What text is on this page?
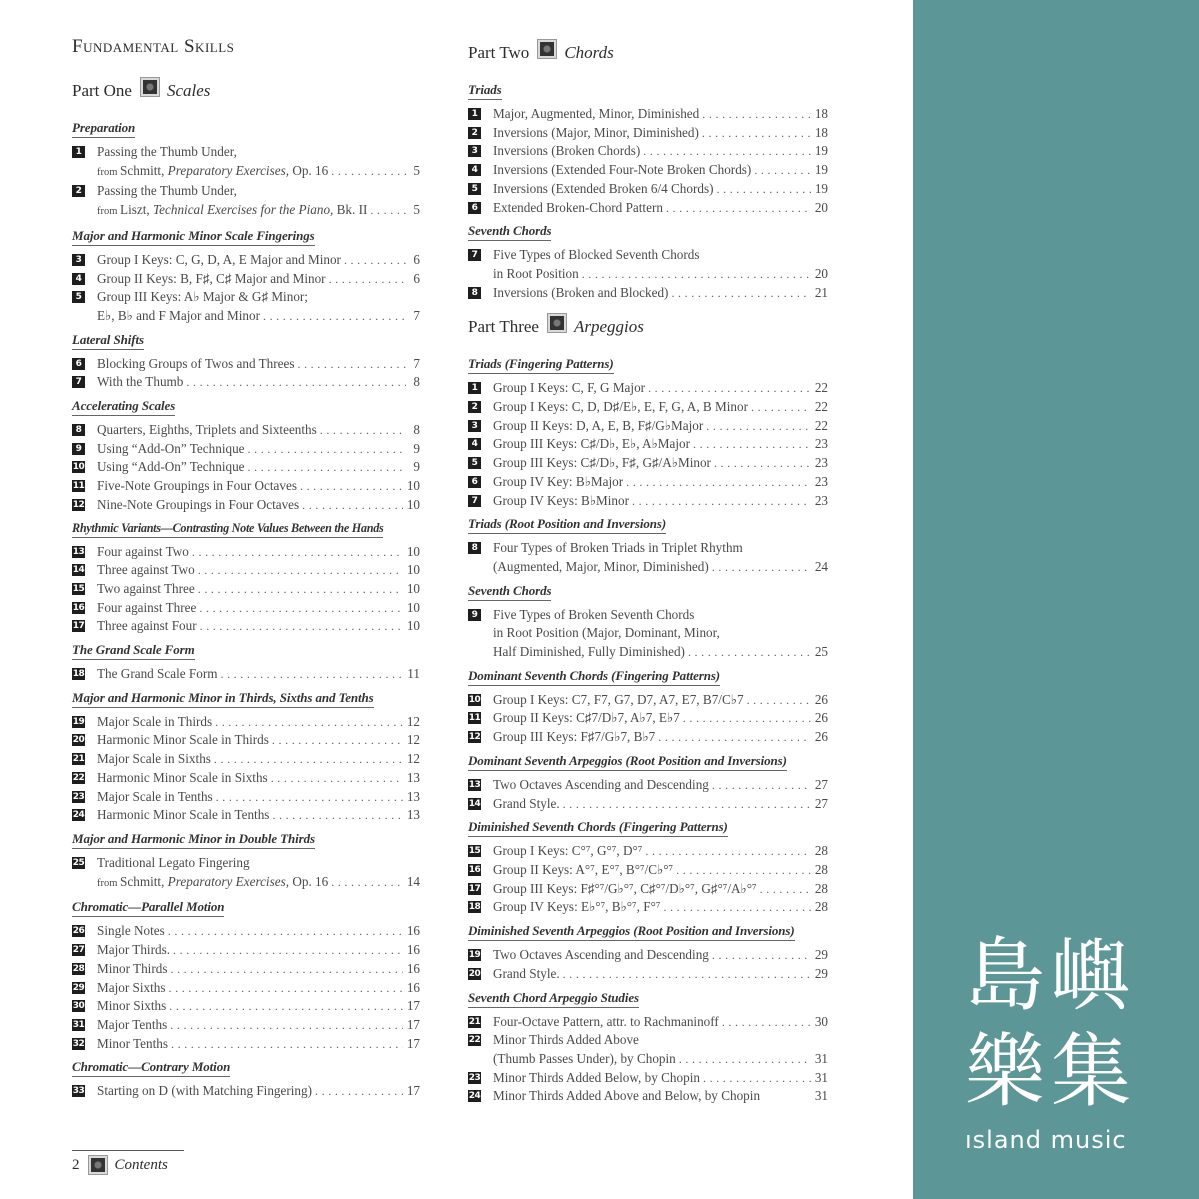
Fundamental Skills
Part One Scales
Preparation
1 Passing the Thumb Under,
from Schmitt, Preparatory Exercises, Op. 16 .....	5
2 Passing the Thumb Under,
from Liszt, Technical Exercises for the Piano, Bk. II .....	5
Major and Harmonic Minor Scale Fingerings
3 Group I Keys: C, G, D, A, E Major and Minor .....	6
4 Group II Keys: B, F♯, C♯ Major and Minor .....	6
5 Group III Keys: A♭ Major & G♯ Minor;
E♭, B♭ and F Major and Minor .....	7
Lateral Shifts
6 Blocking Groups of Twos and Threes .....	7
7 With the Thumb .....	8
Accelerating Scales
8 Quarters, Eighths, Triplets and Sixteenths .....	8
9 Using “Add-On” Technique .....	9
10 Using “Add-On” Technique .....	9
11 Five-Note Groupings in Four Octaves .....	10
12 Nine-Note Groupings in Four Octaves .....	10
Rhythmic Variants—Contrasting Note Values Between the Hands
13 Four against Two .....	10
14 Three against Two .....	10
15 Two against Three .....	10
16 Four against Three .....	10
17 Three against Four .....	10
The Grand Scale Form
18 The Grand Scale Form .....	11
Major and Harmonic Minor in Thirds, Sixths and Tenths
19 Major Scale in Thirds .....	12
20 Harmonic Minor Scale in Thirds .....	12
21 Major Scale in Sixths .....	12
22 Harmonic Minor Scale in Sixths .....	13
23 Major Scale in Tenths .....	13
24 Harmonic Minor Scale in Tenths .....	13
Major and Harmonic Minor in Double Thirds
25 Traditional Legato Fingering
from Schmitt, Preparatory Exercises, Op. 16 .....	14
Chromatic—Parallel Motion
26 Single Notes .....	16
27 Major Thirds. .....	16
28 Minor Thirds .....	16
29 Major Sixths .....	16
30 Minor Sixths .....	17
31 Major Tenths .....	17
32 Minor Tenths .....	17
Chromatic—Contrary Motion
33 Starting on D (with Matching Fingering) .....	17
Part Two Chords
Triads
1 Major, Augmented, Minor, Diminished .....	18
2 Inversions (Major, Minor, Diminished) .....	18
3 Inversions (Broken Chords) .....	19
4 Inversions (Extended Four-Note Broken Chords) .....	19
5 Inversions (Extended Broken 6/4 Chords) .....	19
6 Extended Broken-Chord Pattern .....	20
Seventh Chords
7 Five Types of Blocked Seventh Chords
in Root Position .....	20
8 Inversions (Broken and Blocked) .....	21
Part Three Arpeggios
Triads (Fingering Patterns)
1 Group I Keys: C, F, G Major .....	22
2 Group I Keys: C, D, D♯/E♭, E, F, G, A, B Minor .....	22
3 Group II Keys: D, A, E, B, F♯/G♭Major .....	22
4 Group III Keys: C♯/D♭, E♭, A♭Major .....	23
5 Group III Keys: C♯/D♭, F♯, G♯/A♭Minor .....	23
6 Group IV Key: B♭Major .....	23
7 Group IV Keys: B♭Minor .....	23
Triads (Root Position and Inversions)
8 Four Types of Broken Triads in Triplet Rhythm
(Augmented, Major, Minor, Diminished) .....	24
Seventh Chords
9 Five Types of Broken Seventh Chords
in Root Position (Major, Dominant, Minor,
Half Diminished, Fully Diminished) .....	25
Dominant Seventh Chords (Fingering Patterns)
10 Group I Keys: C7, F7, G7, D7, A7, E7, B7/C♭7 .....	26
11 Group II Keys: C♯7/D♭7, A♭7, E♭7 .....	26
12 Group III Keys: F♯7/G♭7, B♭7 .....	26
Dominant Seventh Arpeggios (Root Position and Inversions)
13 Two Octaves Ascending and Descending .....	27
14 Grand Style. .....	27
Diminished Seventh Chords (Fingering Patterns)
15 Group I Keys: C°⁷, G°⁷, D°⁷ .....	28
16 Group II Keys: A°⁷, E°⁷, B°⁷/C♭°⁷ .....	28
17 Group III Keys: F♯°⁷/G♭°⁷, C♯°⁷/D♭°⁷, G♯°⁷/A♭°⁷ .....	28
18 Group IV Keys: E♭°⁷, B♭°⁷, F°⁷ .....	28
Diminished Seventh Arpeggios (Root Position and Inversions)
19 Two Octaves Ascending and Descending .....	29
20 Grand Style. .....	29
Seventh Chord Arpeggio Studies
21 Four-Octave Pattern, attr. to Rachmaninoff .....	30
22 Minor Thirds Added Above
(Thumb Passes Under), by Chopin .....	31
23 Minor Thirds Added Below, by Chopin .....	31
24 Minor Thirds Added Above and Below, by Chopin	31
2 Contents
島嶼
樂集
ısland music
